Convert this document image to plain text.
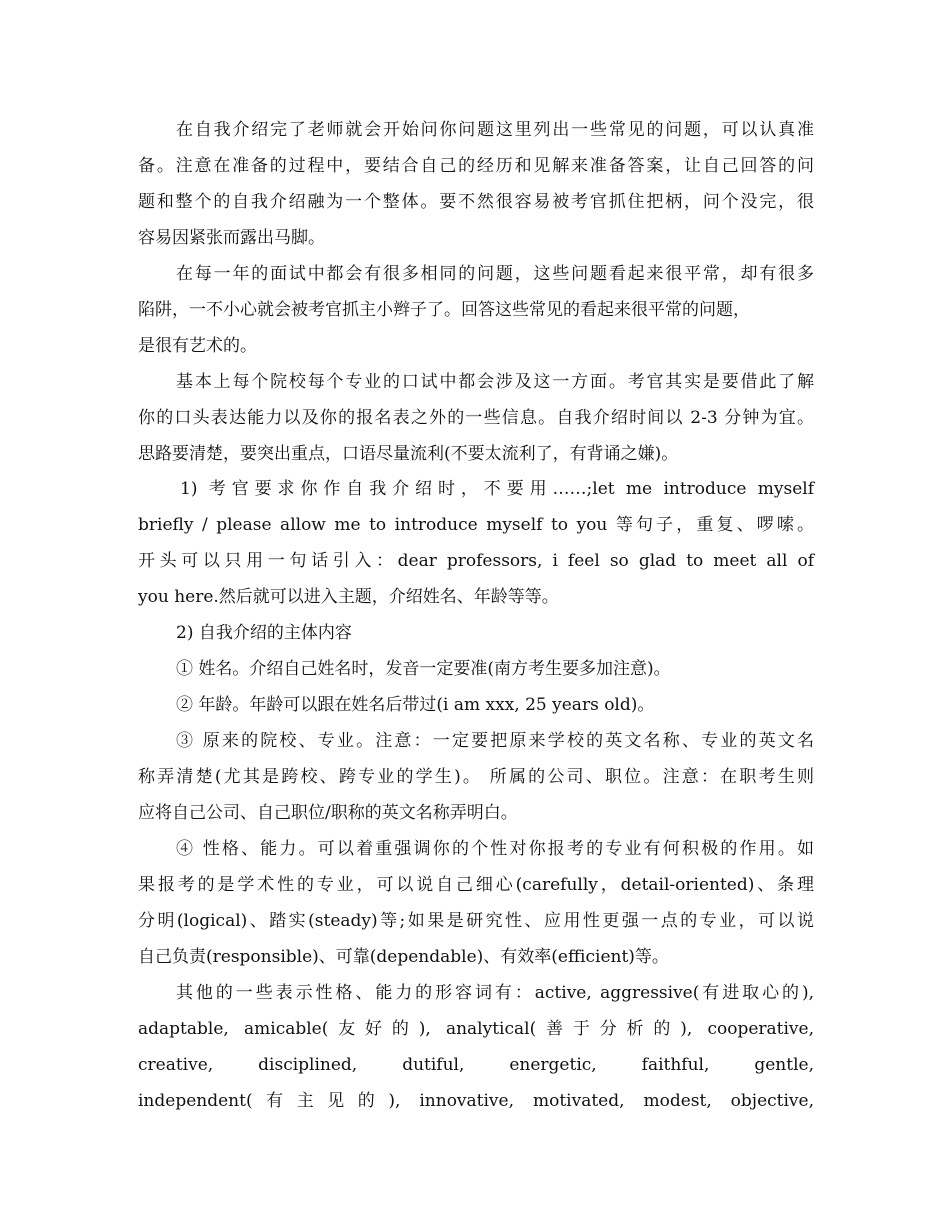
在自我介绍完了老师就会开始问你问题这里列出一些常见的问题，可以认真准
备。注意在准备的过程中，要结合自己的经历和见解来准备答案，让自己回答的问
题和整个的自我介绍融为一个整体。要不然很容易被考官抓住把柄，问个没完，很
容易因紧张而露出马脚。
在每一年的面试中都会有很多相同的问题，这些问题看起来很平常，却有很多
陷阱，一不小心就会被考官抓主小辫子了。回答这些常见的看起来很平常的问题，
是很有艺术的。
基本上每个院校每个专业的口试中都会涉及这一方面。考官其实是要借此了解
你的口头表达能力以及你的报名表之外的一些信息。自我介绍时间以 2-3 分钟为宜。
思路要清楚，要突出重点，口语尽量流利(不要太流利了，有背诵之嫌)。
1) 考官要求你作自我介绍时，不要用……;let me introduce myself
briefly / please allow me to introduce myself to you 等句子，重复、啰嗦。
开头可以只用一句话引入：dear professors, i feel so glad to meet all of
you here.然后就可以进入主题，介绍姓名、年龄等等。
2) 自我介绍的主体内容
① 姓名。介绍自己姓名时，发音一定要准(南方考生要多加注意)。
② 年龄。年龄可以跟在姓名后带过(i am xxx, 25 years old)。
③ 原来的院校、专业。注意：一定要把原来学校的英文名称、专业的英文名
称弄清楚(尤其是跨校、跨专业的学生)。 所属的公司、职位。注意：在职考生则
应将自己公司、自己职位/职称的英文名称弄明白。
④ 性格、能力。可以着重强调你的个性对你报考的专业有何积极的作用。如
果报考的是学术性的专业，可以说自己细心(carefully，detail-oriented)、条理
分明(logical)、踏实(steady)等;如果是研究性、应用性更强一点的专业，可以说
自己负责(responsible)、可靠(dependable)、有效率(efficient)等。
其他的一些表示性格、能力的形容词有：active, aggressive(有进取心的),
adaptable, amicable(友好的), analytical(善于分析的), cooperative,
creative, disciplined, dutiful, energetic, faithful, gentle,
independent(有主见的), innovative, motivated, modest, objective,
